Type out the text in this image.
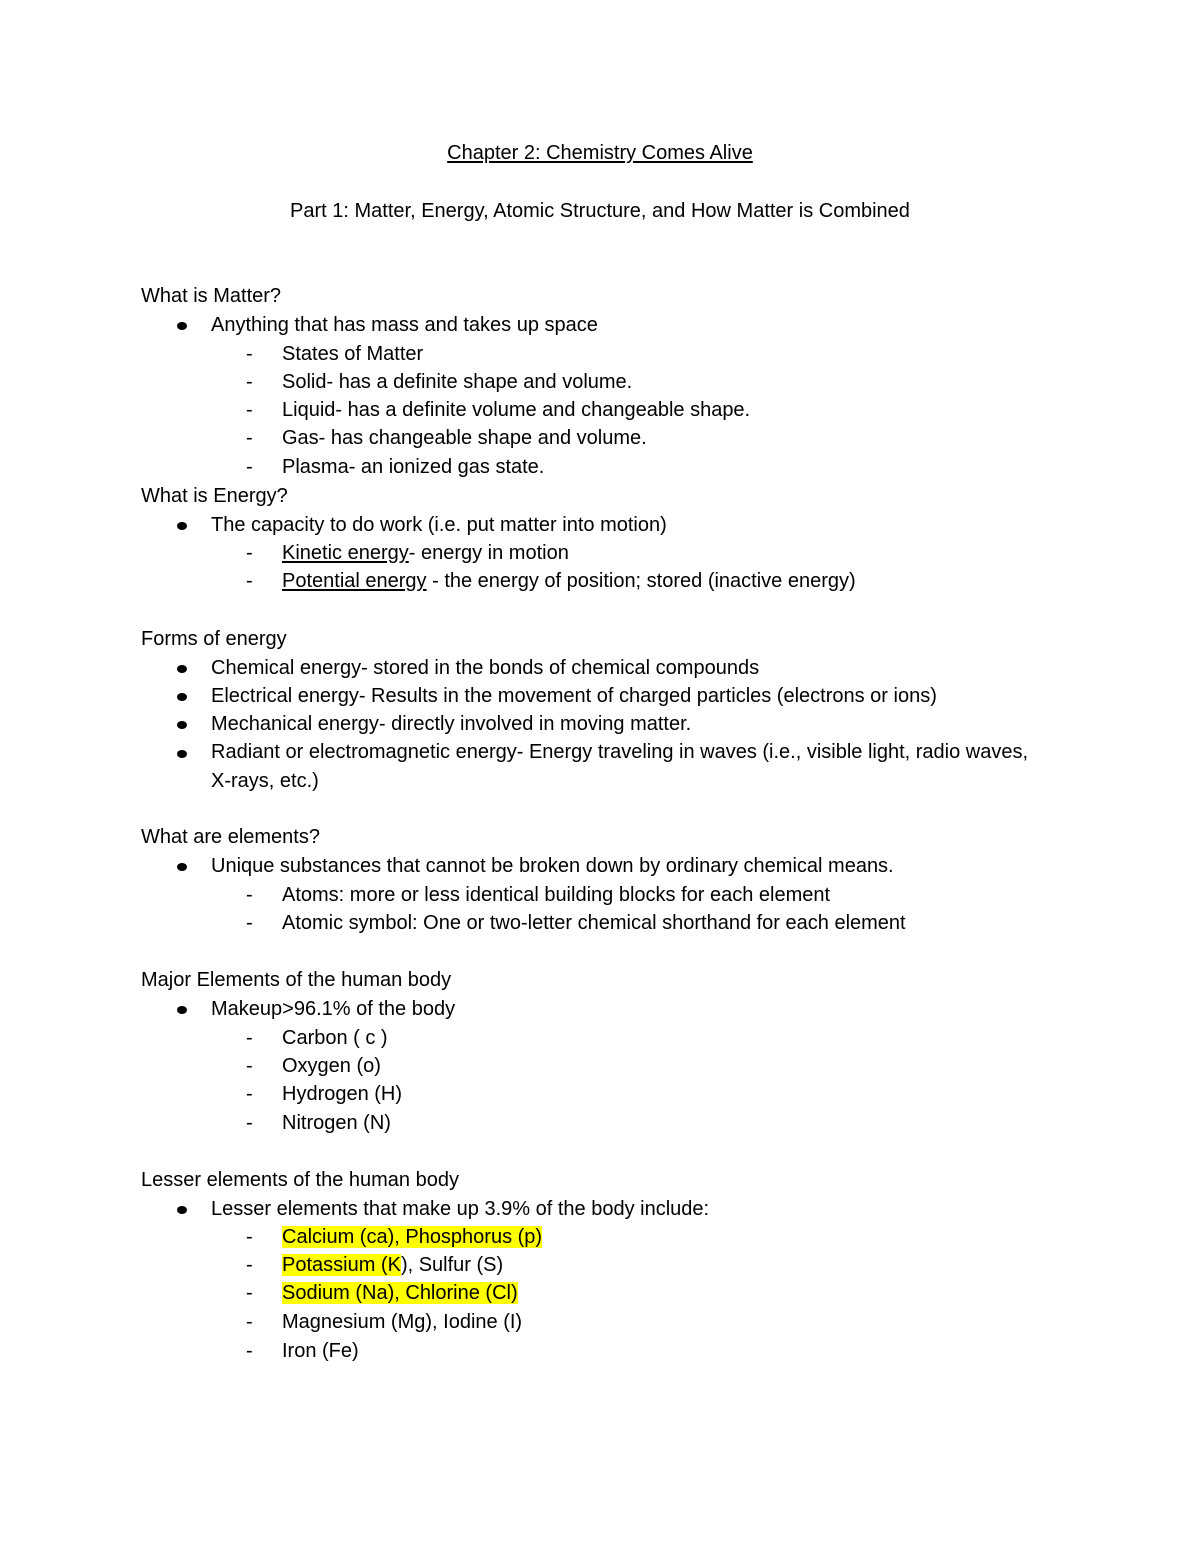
Chapter 2: Chemistry Comes Alive
Part 1: Matter, Energy, Atomic Structure, and How Matter is Combined
What is Matter?
Anything that has mass and takes up space
- States of Matter
- Solid- has a definite shape and volume.
- Liquid- has a definite volume and changeable shape.
- Gas- has changeable shape and volume.
- Plasma- an ionized gas state.
What is Energy?
The capacity to do work (i.e. put matter into motion)
- Kinetic energy- energy in motion
- Potential energy - the energy of position; stored (inactive energy)
Forms of energy
Chemical energy- stored in the bonds of chemical compounds
Electrical energy- Results in the movement of charged particles (electrons or ions)
Mechanical energy- directly involved in moving matter.
Radiant or electromagnetic energy- Energy traveling in waves (i.e., visible light, radio waves, X-rays, etc.)
What are elements?
Unique substances that cannot be broken down by ordinary chemical means.
- Atoms: more or less identical building blocks for each element
- Atomic symbol: One or two-letter chemical shorthand for each element
Major Elements of the human body
Makeup>96.1% of the body
- Carbon ( c )
- Oxygen (o)
- Hydrogen (H)
- Nitrogen (N)
Lesser elements of the human body
Lesser elements that make up 3.9% of the body include:
- Calcium (ca), Phosphorus (p)
- Potassium (K), Sulfur (S)
- Sodium (Na), Chlorine (Cl)
- Magnesium (Mg), Iodine (I)
- Iron (Fe)
